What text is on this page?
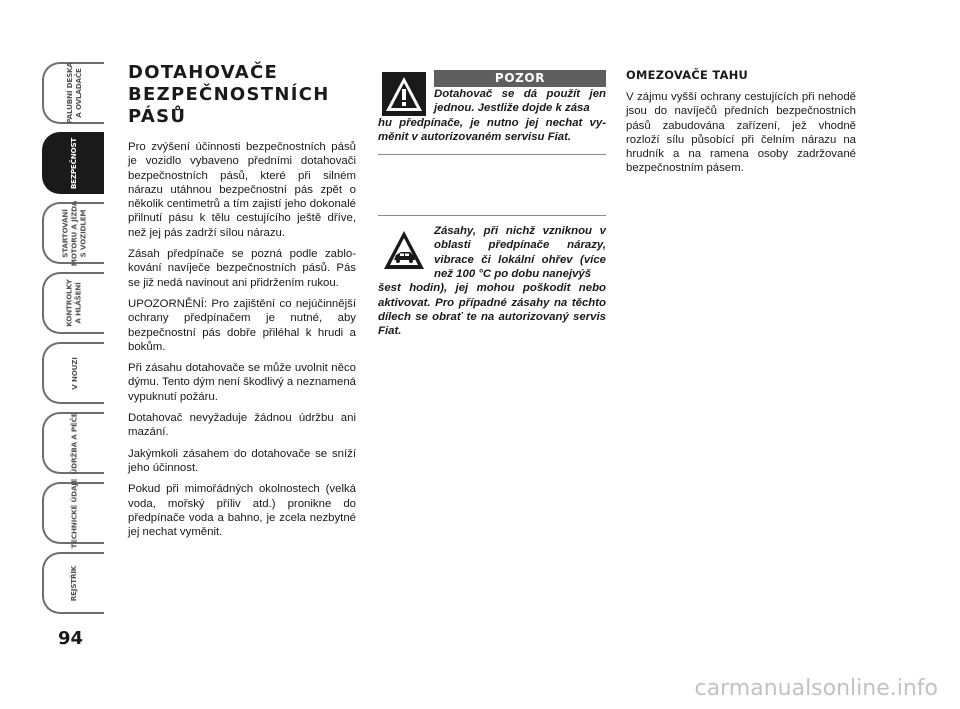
PALUBNÍ DESKA
A OVLADAČE
BEZPEČNOST
STARTOVÁNÍ
MOTORU A JÍZDA
S VOZIDLEM
KONTROLKY
A HLÁŠENÍ
V NOUZI
ÚDRŽBA A PÉČE
TECHNICKÉ ÚDAJE
REJSTŘÍK
94
DOTAHOVAČE BEZPEČNOSTNÍCH PÁSŮ

Pro zvýšení účinnosti bezpečnostních pásů je vozidlo vybaveno předními dotahovači bezpečnostních pásů, které při silném nárazu utáhnou bezpečnostní pás zpět o několik centimetrů a tím zajistí jeho dokonalé přilnutí pásu k tělu cestujícího ještě dříve, než jej pás zadrží sílou nárazu.

Zásah předpínače se pozná podle zablokování navíječe bezpečnostních pásů. Pás se již nedá navinout ani přidržením rukou.

UPOZORNĚNÍ: Pro zajištění co nejúčinnější ochrany předpínačem je nutné, aby bezpečnostní pás dobře přiléhal k hrudi a bokům.

Při zásahu dotahovače se může uvolnit něco dýmu. Tento dým není škodlivý a neznamená vypuknutí požáru.

Dotahovač nevyžaduje žádnou údržbu ani mazání.

Jakýmkoli zásahem do dotahovače se sníží jeho účinnost.

Pokud při mimořádných okolnostech (velká voda, mořský příliv atd.) pronikne do předpínače voda a bahno, je zcela nezbytné jej nechat vyměnit.

POZOR

Dotahovač se dá použít jen jednou. Jestliže dojde k zása

hu předpínače, je nutno jej nechat vyměnit v autorizovaném servisu Fiat.

Zásahy, při nichž vzniknou v oblasti předpínače nárazy, vibrace či lokální ohřev (více než 100 °C po dobu nanejvýš

šest hodin), jej mohou poškodit nebo aktivovat. Pro případné zásahy na těchto dílech se obrať te na autorizovaný servis Fiat.

OMEZOVAČE TAHU

V zájmu vyšší ochrany cestujících při nehodě jsou do navíječů předních bezpečnostních pásů zabudována zařízení, jež vhodně rozloží sílu působící při čelním nárazu na hrudník a na ramena osoby zadržované bezpečnostním pásem.

carmanualsonline.info
